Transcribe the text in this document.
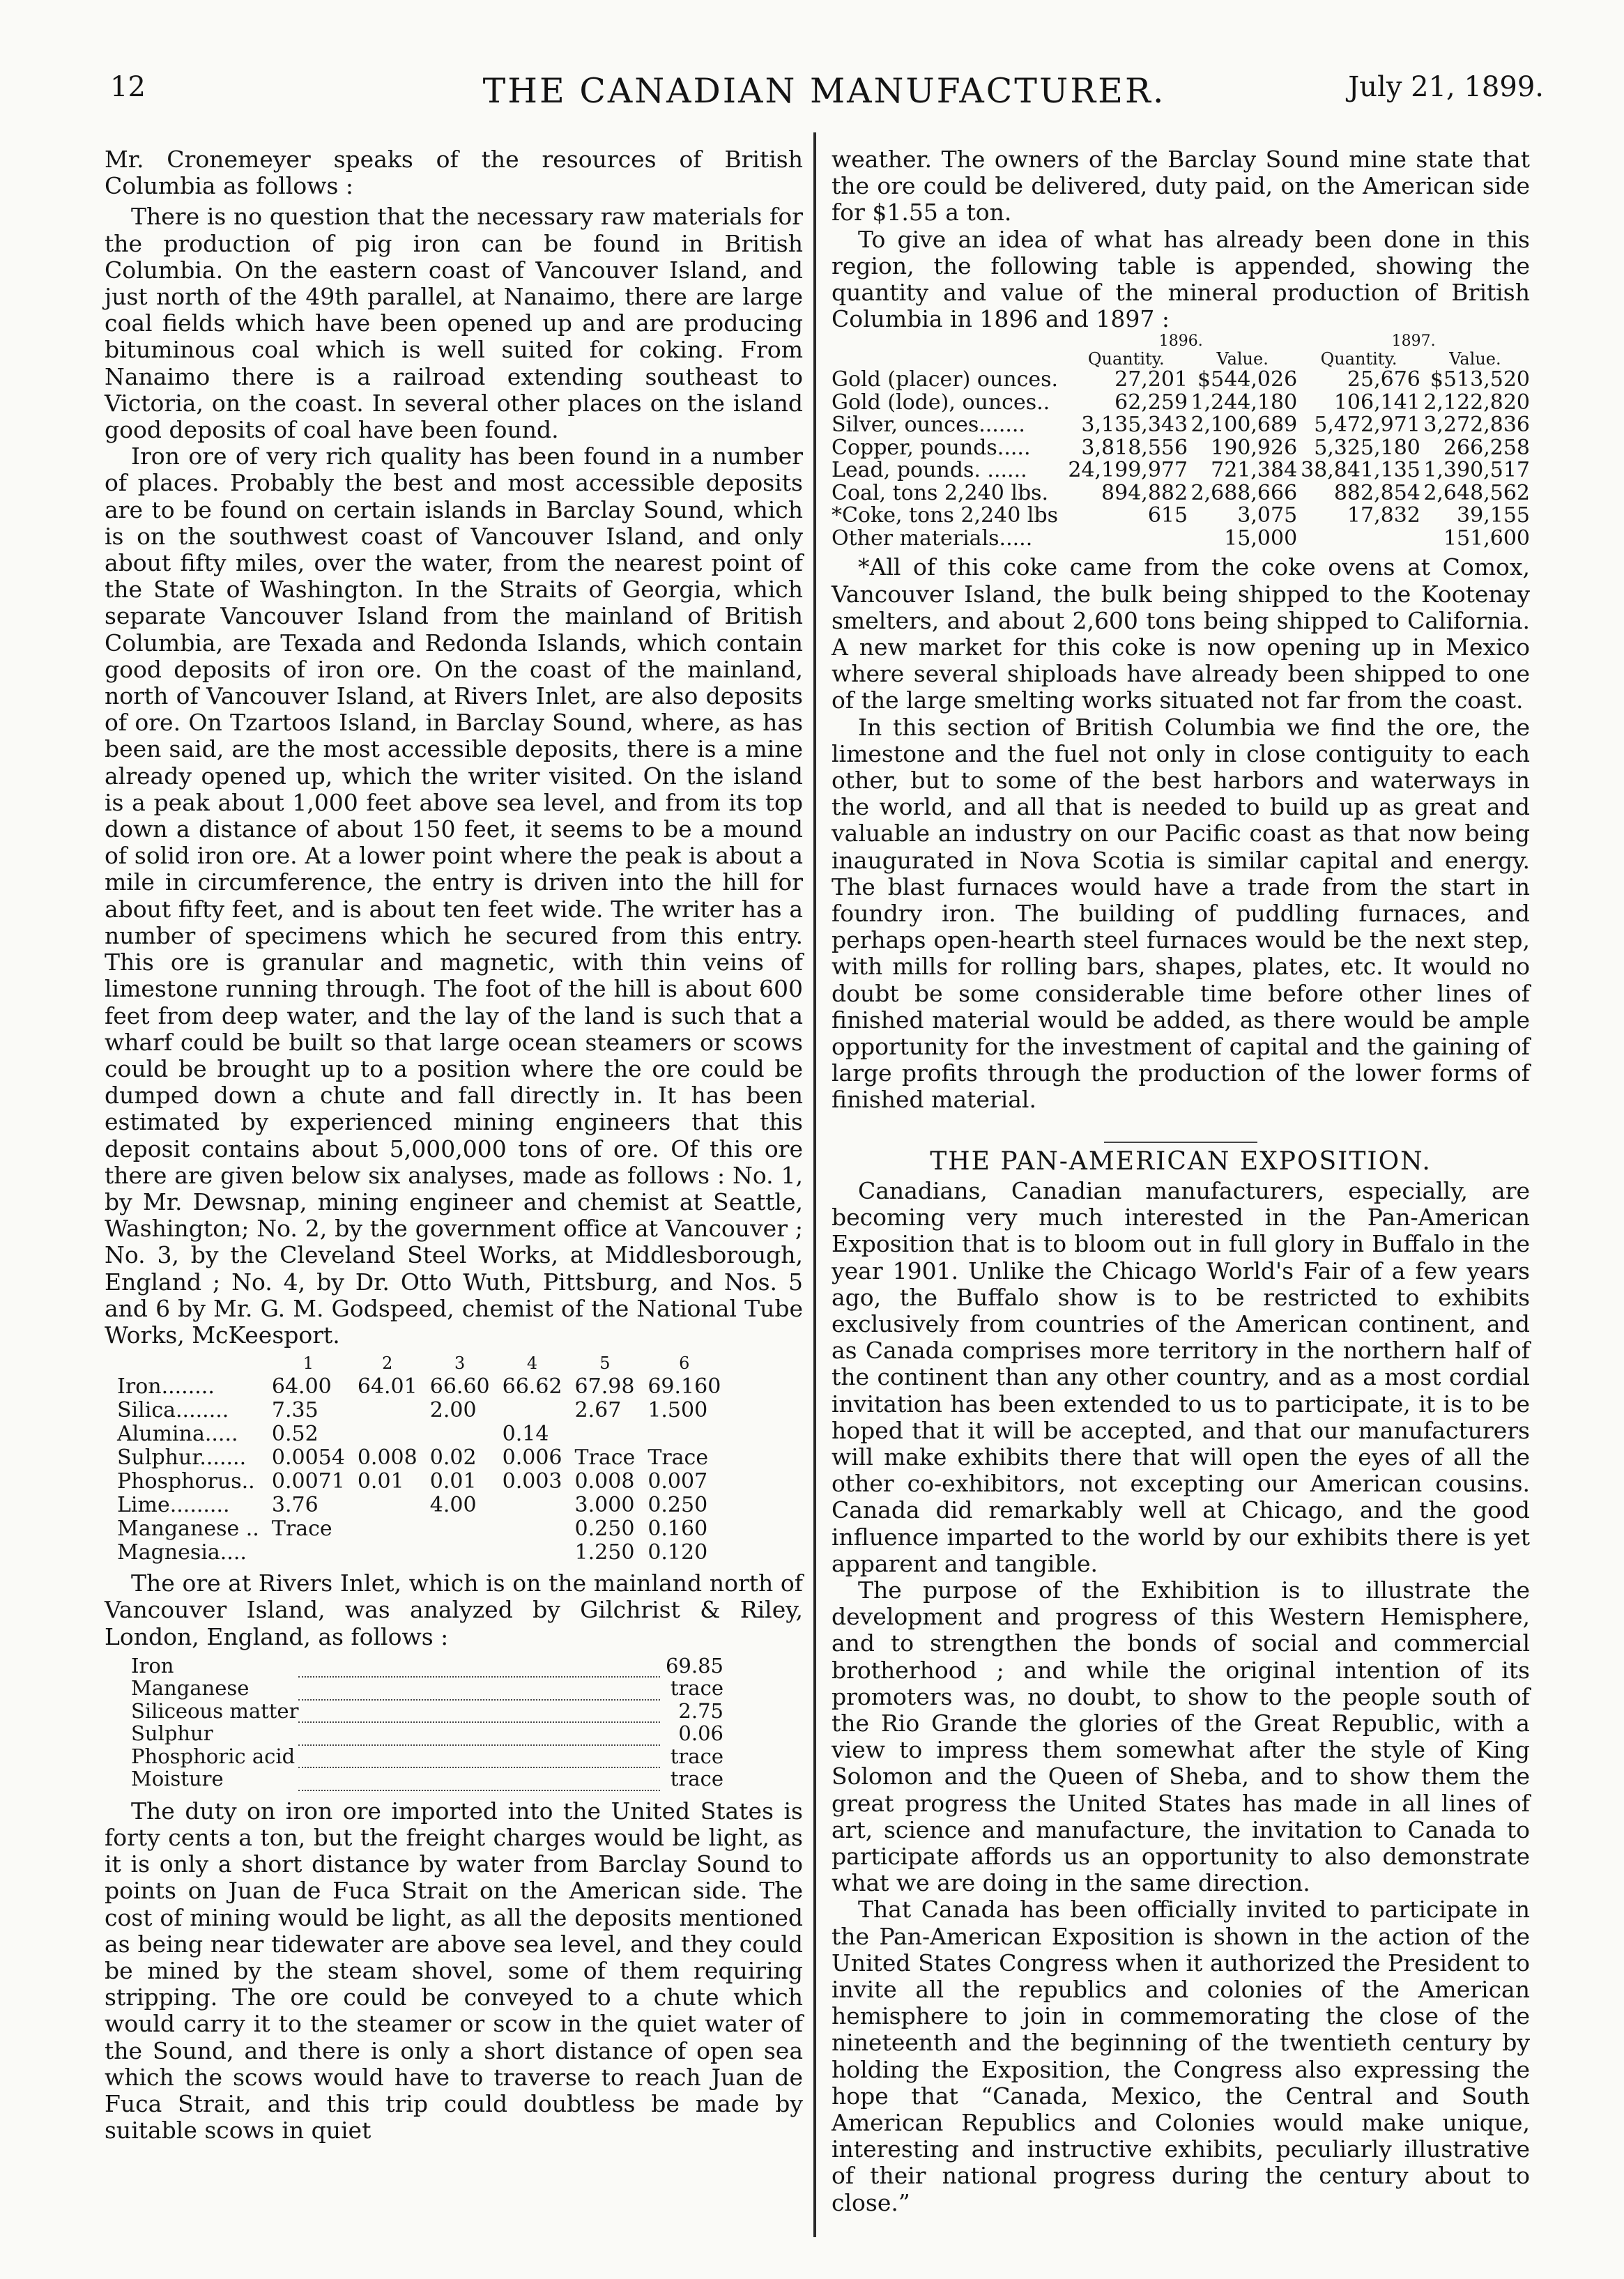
12	THE CANADIAN MANUFACTURER.	July 21, 1899.

Mr. Cronemeyer speaks of the resources of British Columbia as follows :

There is no question that the necessary raw materials for the production of pig iron can be found in British Columbia. On the eastern coast of Vancouver Island, and just north of the 49th parallel, at Nanaimo, there are large coal fields which have been opened up and are producing bituminous coal which is well suited for coking. From Nanaimo there is a railroad extending southeast to Victoria, on the coast. In several other places on the island good deposits of coal have been found.

Iron ore of very rich quality has been found in a number of places. Probably the best and most accessible deposits are to be found on certain islands in Barclay Sound, which is on the southwest coast of Vancouver Island, and only about fifty miles, over the water, from the nearest point of the State of Washington. In the Straits of Georgia, which separate Vancouver Island from the mainland of British Columbia, are Texada and Redonda Islands, which contain good deposits of iron ore. On the coast of the mainland, north of Vancouver Island, at Rivers Inlet, are also deposits of ore. On Tzartoos Island, in Barclay Sound, where, as has been said, are the most accessible deposits, there is a mine already opened up, which the writer visited. On the island is a peak about 1,000 feet above sea level, and from its top down a distance of about 150 feet, it seems to be a mound of solid iron ore. At a lower point where the peak is about a mile in circumference, the entry is driven into the hill for about fifty feet, and is about ten feet wide. The writer has a number of specimens which he secured from this entry. This ore is granular and magnetic, with thin veins of limestone running through. The foot of the hill is about 600 feet from deep water, and the lay of the land is such that a wharf could be built so that large ocean steamers or scows could be brought up to a position where the ore could be dumped down a chute and fall directly in. It has been estimated by experienced mining engineers that this deposit contains about 5,000,000 tons of ore. Of this ore there are given below six analyses, made as follows : No. 1, by Mr. Dewsnap, mining engineer and chemist at Seattle, Washington; No. 2, by the government office at Vancouver ; No. 3, by the Cleveland Steel Works, at Middlesborough, England ; No. 4, by Dr. Otto Wuth, Pittsburg, and Nos. 5 and 6 by Mr. G. M. Godspeed, chemist of the National Tube Works, McKeesport.

	1	2	3	4	5	6
Iron........	64.00	64.01	66.60	66.62	67.98	69.160
Silica........	7.35		2.00		2.67	1.500
Alumina.....	0.52			0.14		
Sulphur.......	0.0054	0.008	0.02	0.006	Trace	Trace
Phosphorus..	0.0071	0.01	0.01	0.003	0.008	0.007
Lime.........	3.76		4.00		3.000	0.250
Manganese ..	Trace				0.250	0.160
Magnesia....					1.250	0.120

The ore at Rivers Inlet, which is on the mainland north of Vancouver Island, was analyzed by Gilchrist & Riley, London, England, as follows :

Iron		69.85
Manganese		trace
Siliceous matter		2.75
Sulphur		0.06
Phosphoric acid		trace
Moisture		trace

The duty on iron ore imported into the United States is forty cents a ton, but the freight charges would be light, as it is only a short distance by water from Barclay Sound to points on Juan de Fuca Strait on the American side. The cost of mining would be light, as all the deposits mentioned as being near tidewater are above sea level, and they could be mined by the steam shovel, some of them requiring stripping. The ore could be conveyed to a chute which would carry it to the steamer or scow in the quiet water of the Sound, and there is only a short distance of open sea which the scows would have to traverse to reach Juan de Fuca Strait, and this trip could doubtless be made by suitable scows in quiet

weather. The owners of the Barclay Sound mine state that the ore could be delivered, duty paid, on the American side for $1.55 a ton.

To give an idea of what has already been done in this region, the following table is appended, showing the quantity and value of the mineral production of British Columbia in 1896 and 1897 :

	1896.		1897.	
	Quantity.	Value.	Quantity.	Value.
Gold (placer) ounces.	27,201	$544,026	25,676	$513,520
Gold (lode), ounces..	62,259	1,244,180	106,141	2,122,820
Silver, ounces.......	3,135,343	2,100,689	5,472,971	3,272,836
Copper, pounds.....	3,818,556	190,926	5,325,180	266,258
Lead, pounds. ......	24,199,977	721,384	38,841,135	1,390,517
Coal, tons 2,240 lbs.	894,882	2,688,666	882,854	2,648,562
*Coke, tons 2,240 lbs	615	3,075	17,832	39,155
Other materials.....		15,000		151,600

*All of this coke came from the coke ovens at Comox, Vancouver Island, the bulk being shipped to the Kootenay smelters, and about 2,600 tons being shipped to California. A new market for this coke is now opening up in Mexico where several shiploads have already been shipped to one of the large smelting works situated not far from the coast.

In this section of British Columbia we find the ore, the limestone and the fuel not only in close contiguity to each other, but to some of the best harbors and waterways in the world, and all that is needed to build up as great and valuable an industry on our Pacific coast as that now being inaugurated in Nova Scotia is similar capital and energy. The blast furnaces would have a trade from the start in foundry iron. The building of puddling furnaces, and perhaps open-hearth steel furnaces would be the next step, with mills for rolling bars, shapes, plates, etc. It would no doubt be some considerable time before other lines of finished material would be added, as there would be ample opportunity for the investment of capital and the gaining of large profits through the production of the lower forms of finished material.

THE PAN-AMERICAN EXPOSITION.

Canadians, Canadian manufacturers, especially, are becoming very much interested in the Pan-American Exposition that is to bloom out in full glory in Buffalo in the year 1901. Unlike the Chicago World's Fair of a few years ago, the Buffalo show is to be restricted to exhibits exclusively from countries of the American continent, and as Canada comprises more territory in the northern half of the continent than any other country, and as a most cordial invitation has been extended to us to participate, it is to be hoped that it will be accepted, and that our manufacturers will make exhibits there that will open the eyes of all the other co-exhibitors, not excepting our American cousins. Canada did remarkably well at Chicago, and the good influence imparted to the world by our exhibits there is yet apparent and tangible.

The purpose of the Exhibition is to illustrate the development and progress of this Western Hemisphere, and to strengthen the bonds of social and commercial brotherhood ; and while the original intention of its promoters was, no doubt, to show to the people south of the Rio Grande the glories of the Great Republic, with a view to impress them somewhat after the style of King Solomon and the Queen of Sheba, and to show them the great progress the United States has made in all lines of art, science and manufacture, the invitation to Canada to participate affords us an opportunity to also demonstrate what we are doing in the same direction.

That Canada has been officially invited to participate in the Pan-American Exposition is shown in the action of the United States Congress when it authorized the President to invite all the republics and colonies of the American hemisphere to join in commemorating the close of the nineteenth and the beginning of the twentieth century by holding the Exposition, the Congress also expressing the hope that “Canada, Mexico, the Central and South American Republics and Colonies would make unique, interesting and instructive exhibits, peculiarly illustrative of their national progress during the century about to close.”
